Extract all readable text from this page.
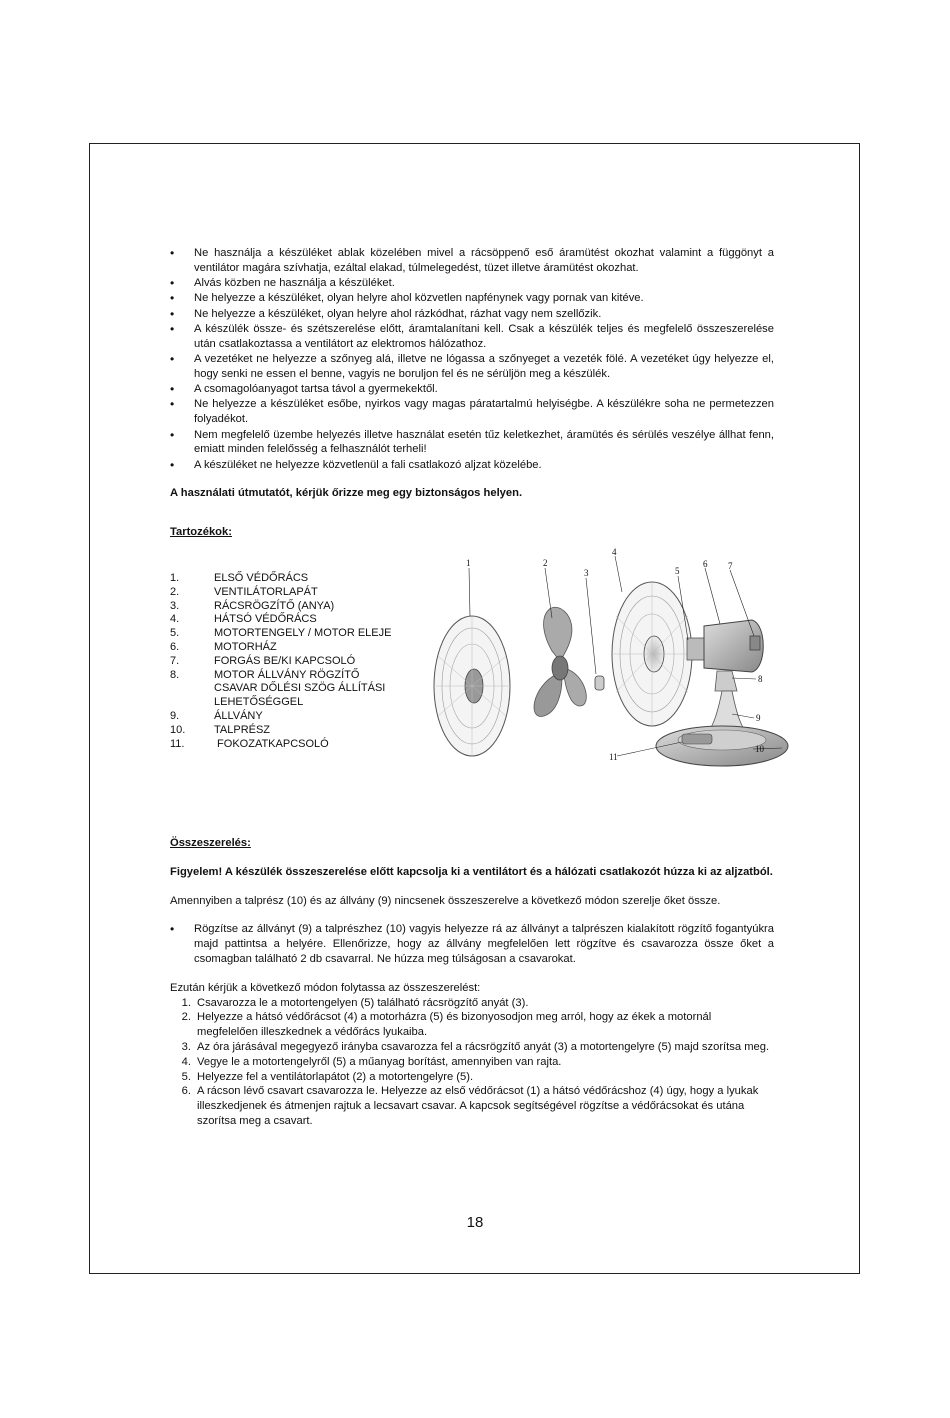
• Ne használja a készüléket ablak közelében mivel a rácsöppenő eső áramütést okozhat valamint a függönyt a ventilátor magára szívhatja, ezáltal elakad, túlmelegedést, tüzet illetve áramütést okozhat.
• Alvás közben ne használja a készüléket.
• Ne helyezze a készüléket, olyan helyre ahol közvetlen napfénynek vagy pornak van kitéve.
• Ne helyezze a készüléket, olyan helyre ahol rázkódhat, rázhat vagy nem szellőzik.
• A készülék össze- és szétszerelése előtt, áramtalanítani kell. Csak a készülék teljes és megfelelő összeszerelése után csatlakoztassa a ventilátort az elektromos hálózathoz.
• A vezetéket ne helyezze a szőnyeg alá, illetve ne lógassa a szőnyeget a vezeték fölé. A vezetéket úgy helyezze el, hogy senki ne essen el benne, vagyis ne boruljon fel és ne sérüljön meg a készülék.
• A csomagolóanyagot tartsa távol a gyermekektől.
• Ne helyezze a készüléket esőbe, nyirkos vagy magas páratartalmú helyiségbe. A készülékre soha ne permetezzen folyadékot.
• Nem megfelelő üzembe helyezés illetve használat esetén tűz keletkezhet, áramütés és sérülés veszélye állhat fenn, emiatt minden felelősség a felhasználót terheli!
• A készüléket ne helyezze közvetlenül a fali csatlakozó aljzat közelébe.
A használati útmutatót, kérjük őrizze meg egy biztonságos helyen.
Tartozékok:
1.	ELSŐ VÉDŐRÁCS
2.	VENTILÁTORLAPÁT
3.	RÁCSRÖGZÍTŐ (ANYA)
4.	HÁTSÓ VÉDŐRÁCS
5.	MOTORTENGELY / MOTOR ELEJE
6.	MOTORHÁZ
7.	FORGÁS BE/KI KAPCSOLÓ
8.	MOTOR ÁLLVÁNY RÖGZÍTŐ CSAVAR DŐLÉSI SZÖG ÁLLÍTÁSI LEHETŐSÉGGEL
9.	ÁLLVÁNY
10.	TALPRÉSZ
11.	FOKOZATKAPCSOLÓ
1	2
3
4
5
6 7
8
9
10
11
Összeszerelés:
Figyelem! A készülék összeszerelése előtt kapcsolja ki a ventilátort és a hálózati csatlakozót húzza ki az aljzatból.
Amennyiben a talprész (10) és az állvány (9) nincsenek összeszerelve a következő módon szerelje őket össze.
• Rögzítse az állványt (9) a talprészhez (10) vagyis helyezze rá az állványt a talprészen kialakított rögzítő fogantyúkra majd pattintsa a helyére. Ellenőrizze, hogy az állvány megfelelően lett rögzítve és csavarozza össze őket a csomagban található 2 db csavarral. Ne húzza meg túlságosan a csavarokat.
Ezután kérjük a következő módon folytassa az összeszerelést:
1. Csavarozza le a motortengelyen (5) található rácsrögzítő anyát (3).
2. Helyezze a hátsó védőrácsot (4) a motorházra (5) és bizonyosodjon meg arról, hogy az ékek a motornál megfelelően illeszkednek a védőrács lyukaiba.
3. Az óra járásával megegyező irányba csavarozza fel a rácsrögzítő anyát (3) a motortengelyre (5) majd szorítsa meg.
4. Vegye le a motortengelyről (5) a műanyag borítást, amennyiben van rajta.
5. Helyezze fel a ventilátorlapátot (2) a motortengelyre (5).
6. A rácson lévő csavart csavarozza le. Helyezze az első védőrácsot (1) a hátsó védőrácshoz (4) úgy, hogy a lyukak illeszkedjenek és átmenjen rajtuk a lecsavart csavar. A kapcsok segítségével rögzítse a védőrácsokat és utána szorítsa meg a csavart.
18
